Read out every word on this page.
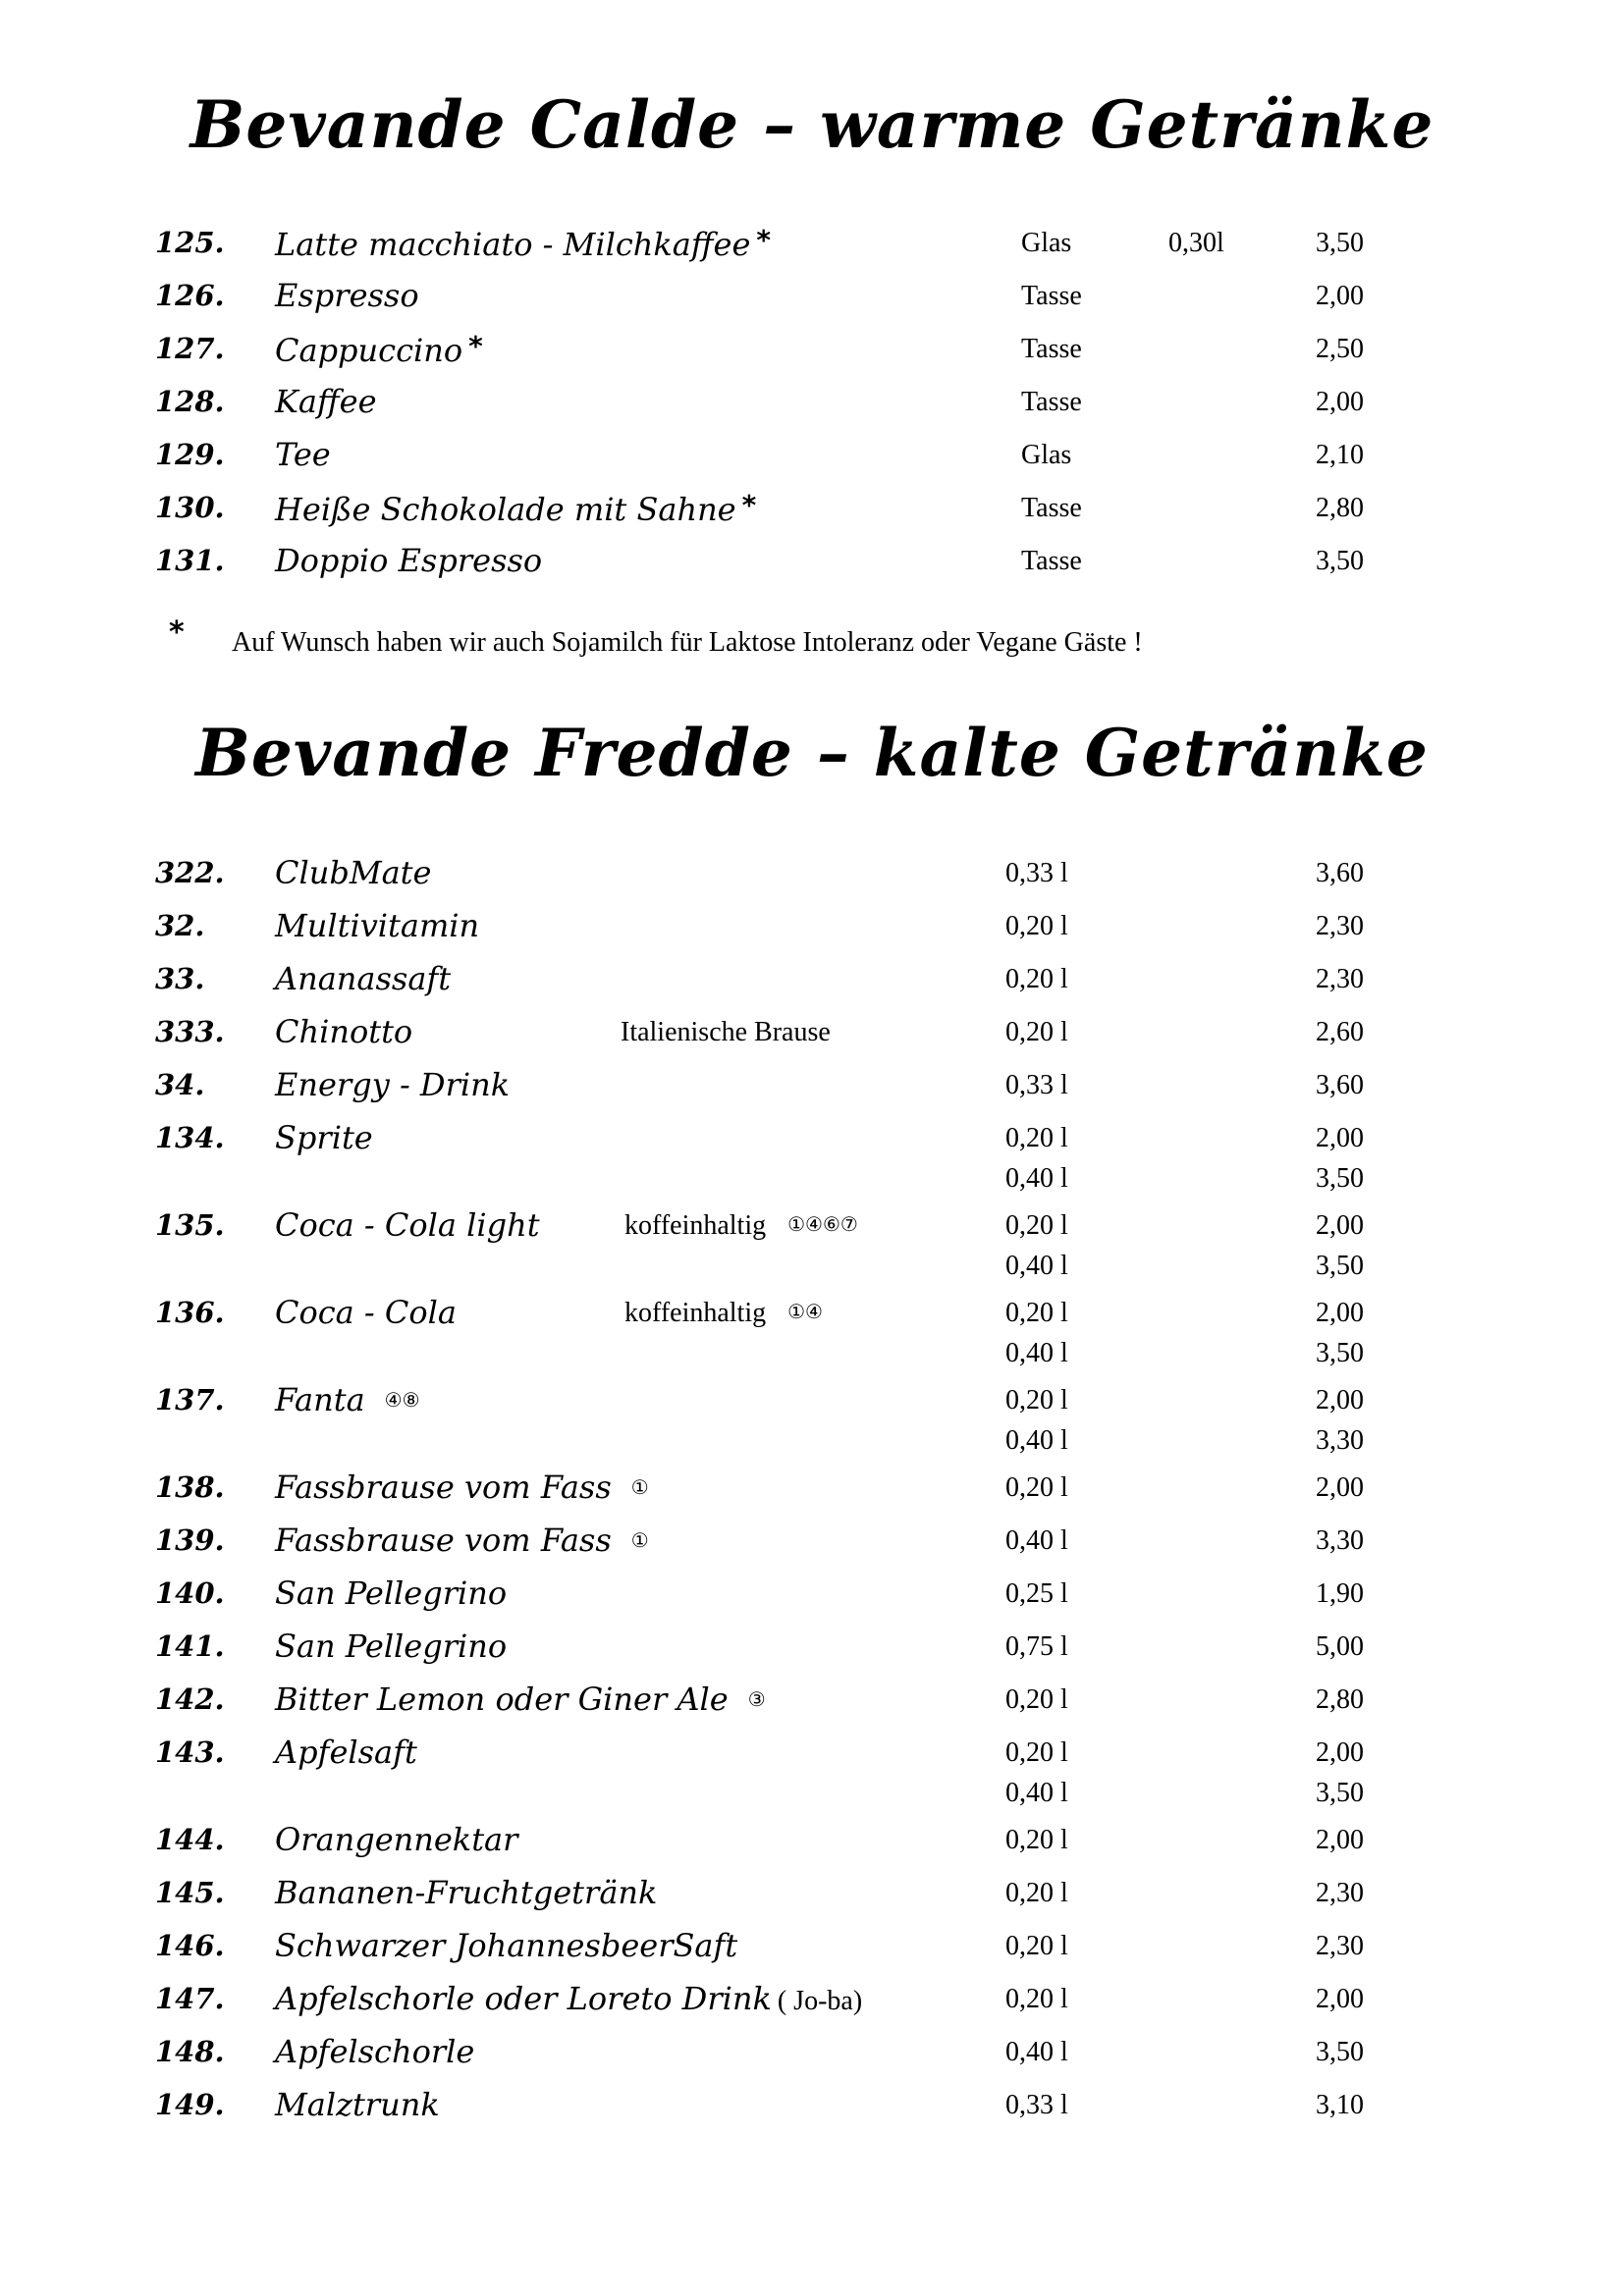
Bevande Calde – warme Getränke
125. Latte macchiato - Milchkaffee *	Glas	0,30l	3,50
126. Espresso	Tasse	2,00
127. Cappuccino *	Tasse	2,50
128. Kaffee	Tasse	2,00
129. Tee	Glas	2,10
130. Heiße Schokolade mit Sahne *	Tasse	2,80
131. Doppio Espresso	Tasse	3,50
* Auf Wunsch haben wir auch Sojamilch für Laktose Intoleranz oder Vegane Gäste !
Bevande Fredde – kalte Getränke
322. ClubMate	0,33 l	3,60
32. Multivitamin	0,20 l	2,30
33. Ananassaft	0,20 l	2,30
333. Chinotto	Italienische Brause	0,20 l	2,60
34. Energy - Drink	0,33 l	3,60
134. Sprite	0,20 l	2,00
0,40 l	3,50
135. Coca - Cola light	koffeinhaltig ①④⑥⑦	0,20 l	2,00
0,40 l	3,50
136. Coca - Cola	koffeinhaltig ①④	0,20 l	2,00
0,40 l	3,50
137. Fanta ④⑧	0,20 l	2,00
0,40 l	3,30
138. Fassbrause vom Fass ①	0,20 l	2,00
139. Fassbrause vom Fass ①	0,40 l	3,30
140. San Pellegrino	0,25 l	1,90
141. San Pellegrino	0,75 l	5,00
142. Bitter Lemon oder Giner Ale ③	0,20 l	2,80
143. Apfelsaft	0,20 l	2,00
0,40 l	3,50
144. Orangennektar	0,20 l	2,00
145. Bananen-Fruchtgetränk	0,20 l	2,30
146. Schwarzer JohannesbeerSaft	0,20 l	2,30
147. Apfelschorle oder Loreto Drink ( Jo-ba)	0,20 l	2,00
148. Apfelschorle	0,40 l	3,50
149. Malztrunk	0,33 l	3,10
